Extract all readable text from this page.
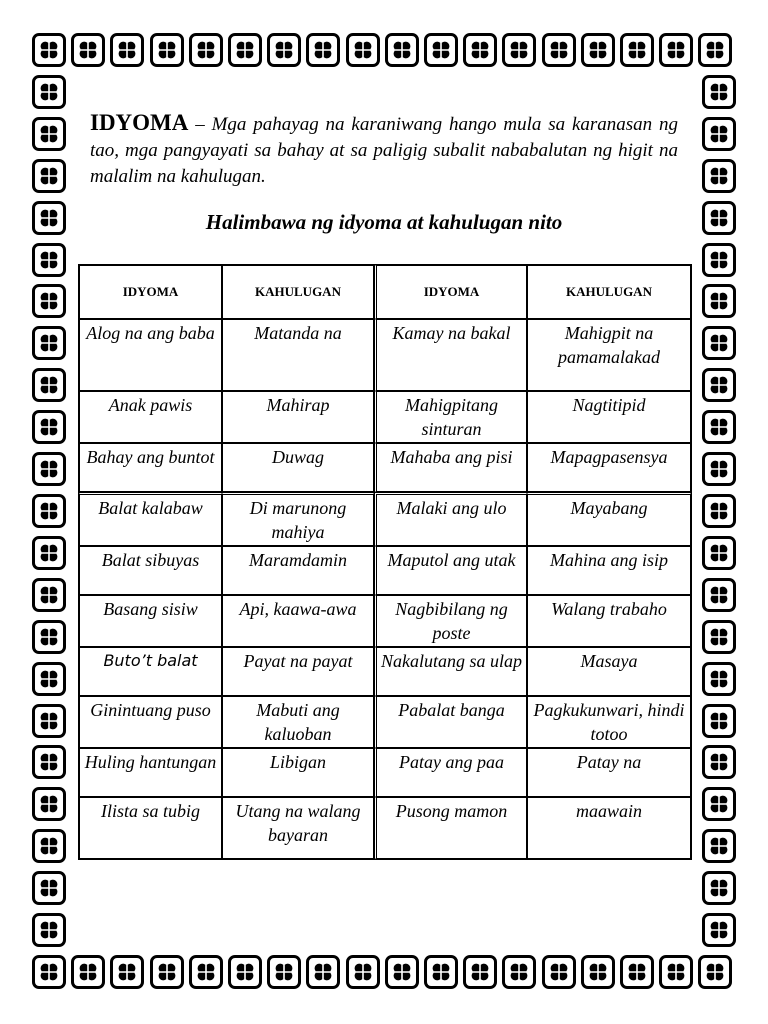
IDYOMA – Mga pahayag na karaniwang hango mula sa karanasan ng tao, mga pangyayati sa bahay at sa paligig subalit nababalutan ng higit na malalim na kahulugan.
Halimbawa ng idyoma at kahulugan nito
IDYOMA	KAHULUGAN	IDYOMA	KAHULUGAN
Alog na ang baba	Matanda na	Kamay na bakal	Mahigpit na pamamalakad
Anak pawis	Mahirap	Mahigpitang sinturan	Nagtitipid
Bahay ang buntot	Duwag	Mahaba ang pisi	Mapagpasensya
Balat kalabaw	Di marunong mahiya	Malaki ang ulo	Mayabang
Balat sibuyas	Maramdamin	Maputol ang utak	Mahina ang isip
Basang sisiw	Api, kaawa-awa	Nagbibilang ng poste	Walang trabaho
Buto’t balat	Payat na payat	Nakalutang sa ulap	Masaya
Ginintuang puso	Mabuti ang kaluoban	Pabalat banga	Pagkukunwari, hindi totoo
Huling hantungan	Libigan	Patay ang paa	Patay na
Ilista sa tubig	Utang na walang bayaran	Pusong mamon	maawain
